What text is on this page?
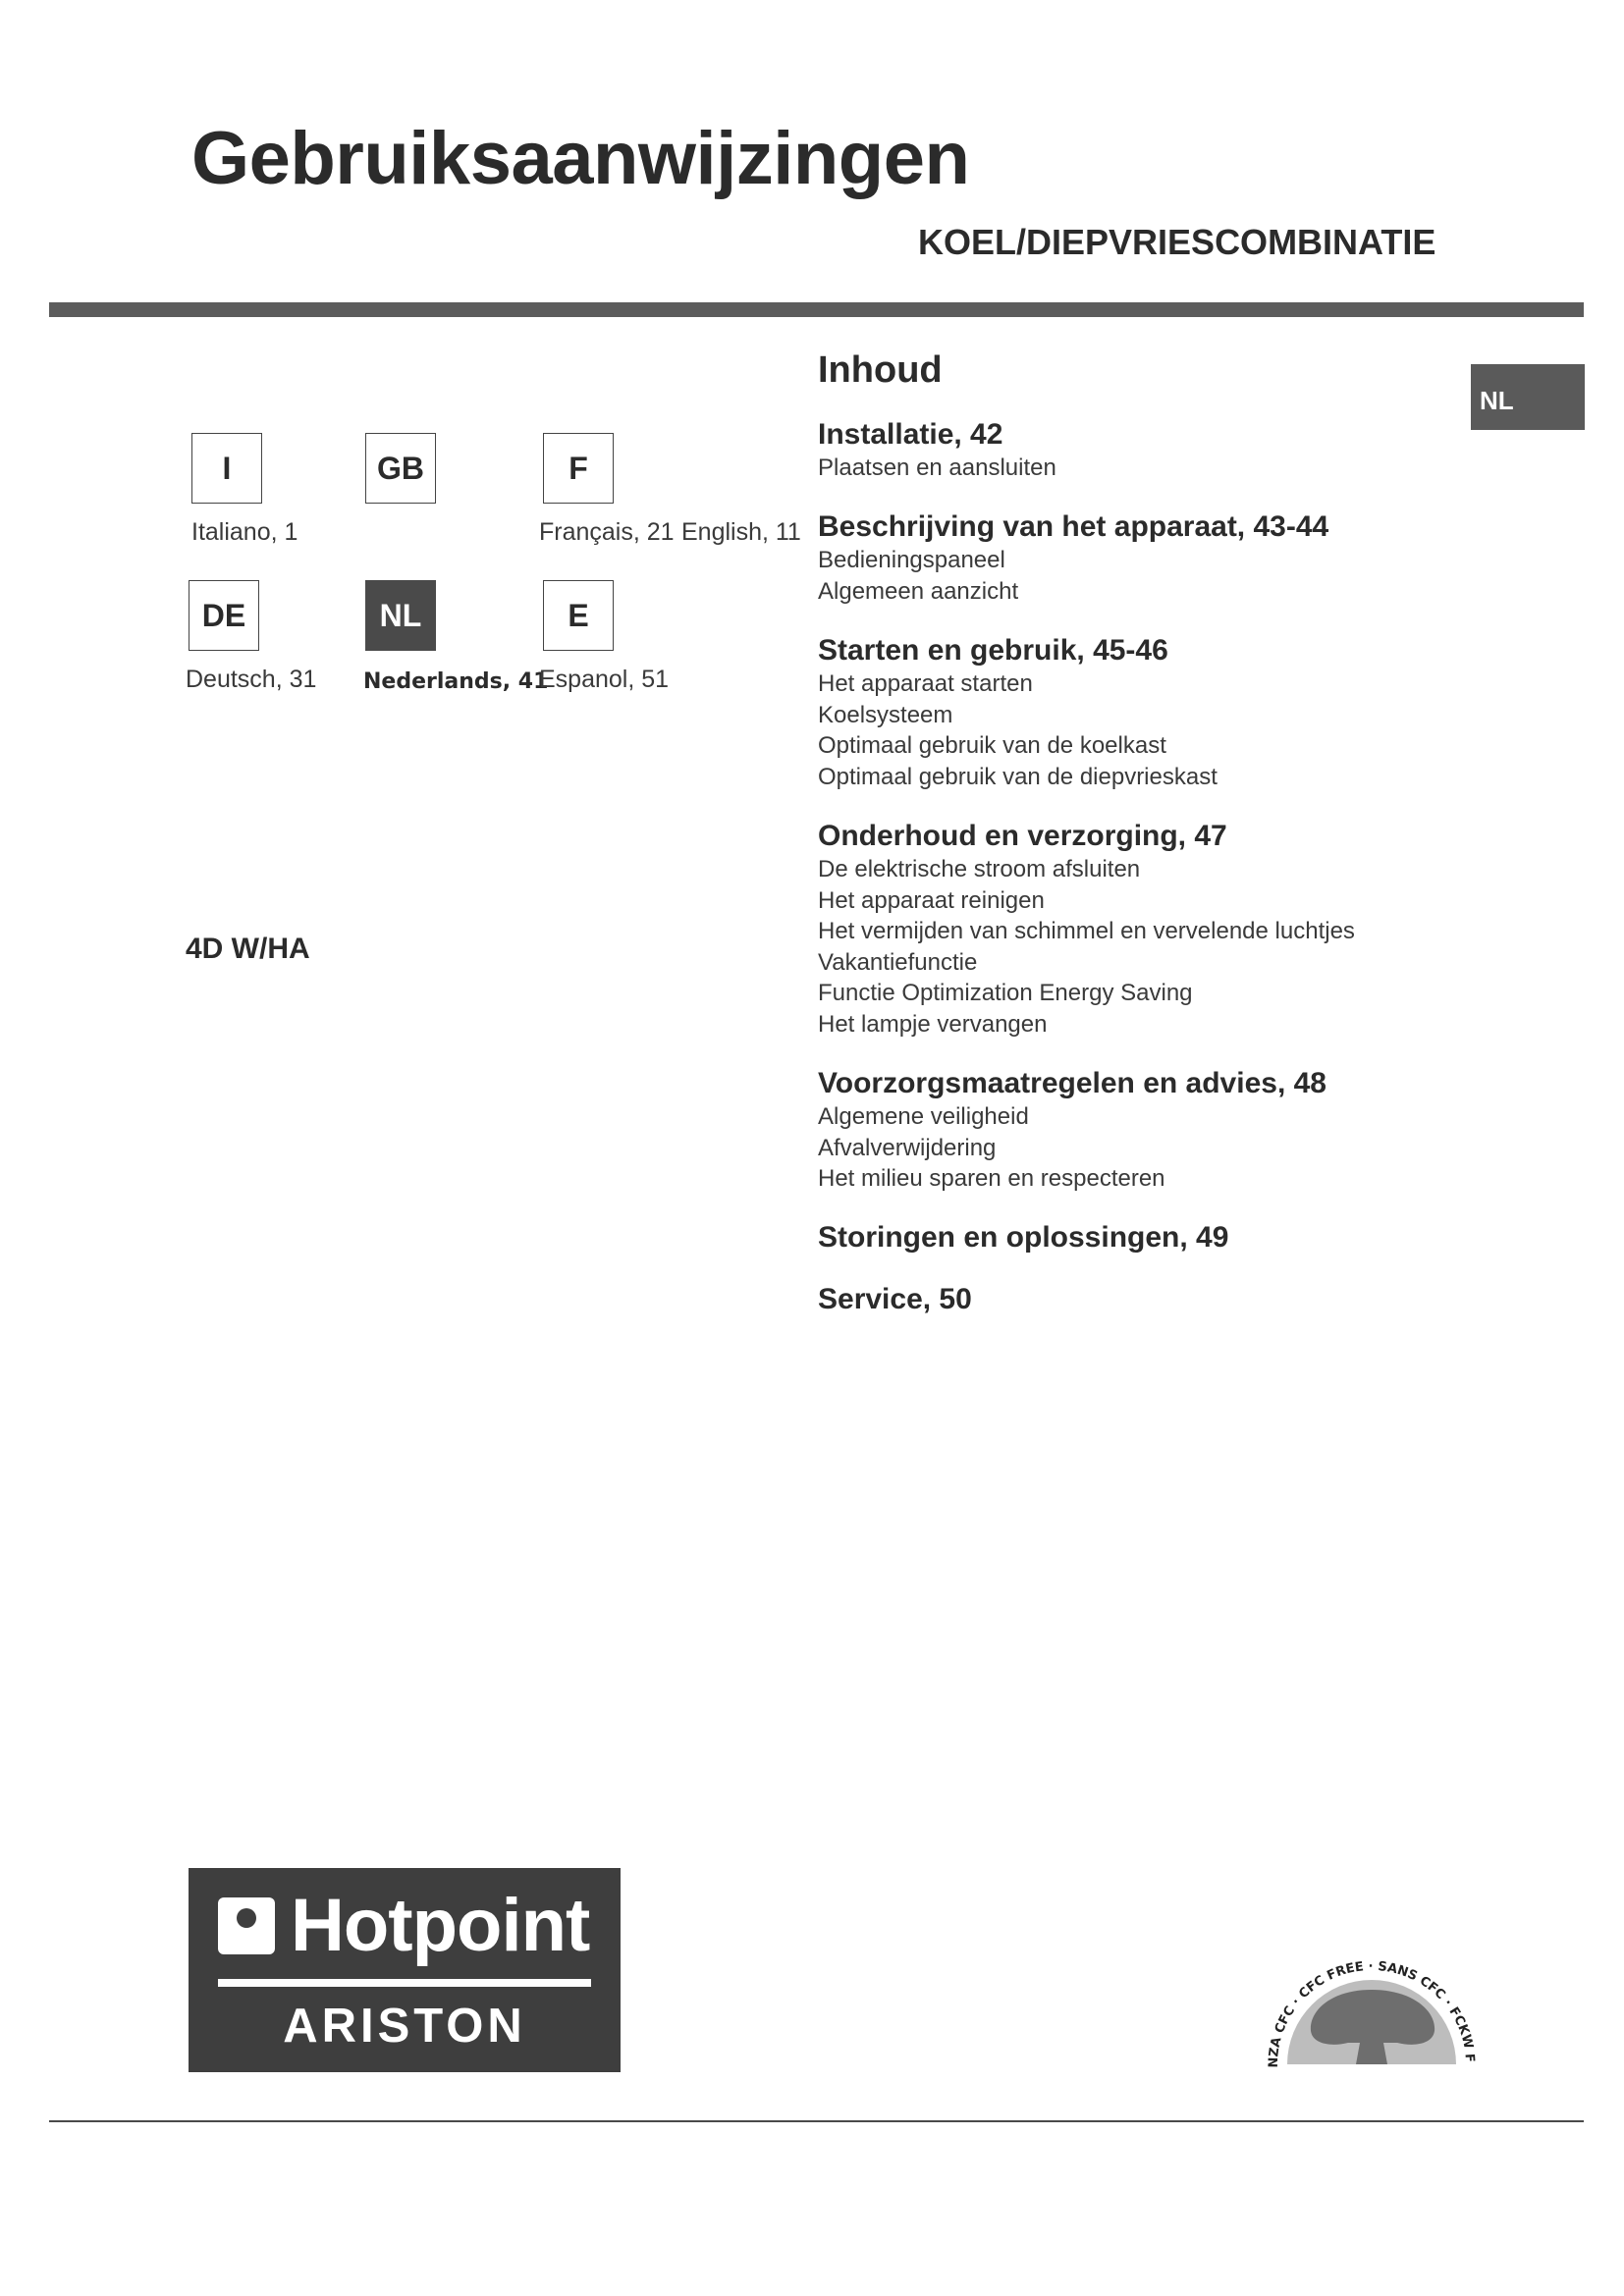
Gebruiksaanwijzingen
KOEL/DIEPVRIESCOMBINATIE
NL
I
Italiano, 1
GB	F
Français, 21 English, 11
DE
Deutsch, 31
NL
Nederlands, 41
E
Espanol, 51
4D W/HA
Inhoud
Installatie, 42
Plaatsen en aansluiten
Beschrijving van het apparaat, 43-44
Bedieningspaneel
Algemeen aanzicht
Starten en gebruik, 45-46
Het apparaat starten
Koelsysteem
Optimaal gebruik van de koelkast
Optimaal gebruik van de diepvrieskast
Onderhoud en verzorging, 47
De elektrische stroom afsluiten
Het apparaat reinigen
Het vermijden van schimmel en vervelende luchtjes
Vakantiefunctie
Functie Optimization Energy Saving
Het lampje vervangen
Voorzorgsmaatregelen en advies, 48
Algemene veiligheid
Afvalverwijdering
Het milieu sparen en respecteren
Storingen en oplossingen, 49
Service, 50
Hotpoint
ARISTON
NZA CFC · CFC FREE · SANS CFC · FCKW F
